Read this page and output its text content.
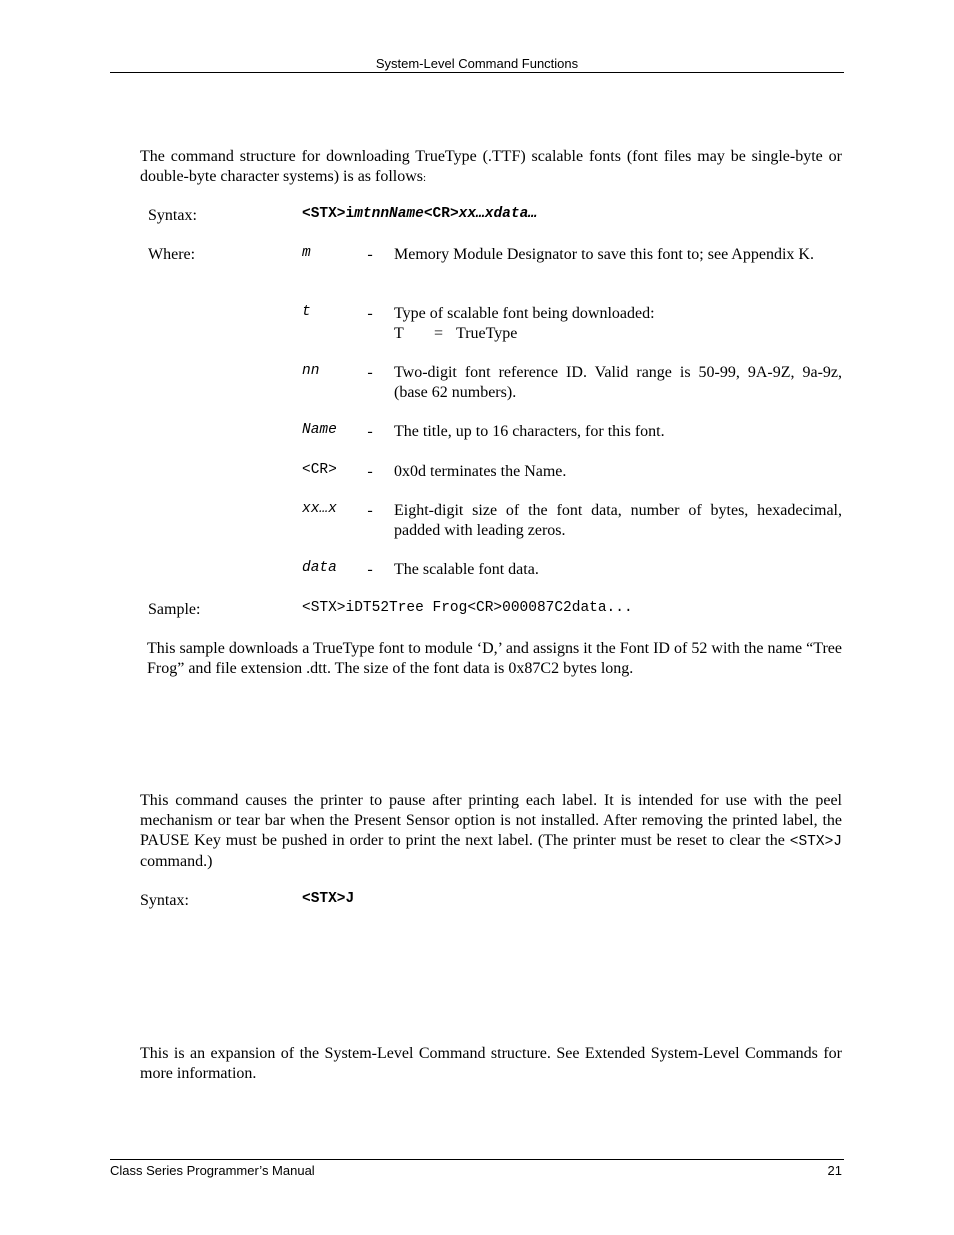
System-Level Command Functions
The command structure for downloading TrueType (.TTF) scalable fonts (font files may be single-byte or double-byte character systems) is as follows:
Syntax:	<STX>imtnnName<CR>xx…xdata…
Where:	m	- Memory Module Designator to save this font to; see Appendix K.
t	- Type of scalable font being downloaded:
T = TrueType
nn	- Two-digit font reference ID. Valid range is 50-99, 9A-9Z, 9a-9z, (base 62 numbers).
Name - The title, up to 16 characters, for this font.
<CR> - 0x0d terminates the Name.
xx…x - Eight-digit size of the font data, number of bytes, hexadecimal, padded with leading zeros.
data - The scalable font data.
Sample:	<STX>iDT52Tree Frog<CR>000087C2data...
This sample downloads a TrueType font to module ‘D,’ and assigns it the Font ID of 52 with the name “Tree Frog” and file extension .dtt. The size of the font data is 0x87C2 bytes long.
This command causes the printer to pause after printing each label. It is intended for use with the peel mechanism or tear bar when the Present Sensor option is not installed. After removing the printed label, the PAUSE Key must be pushed in order to print the next label. (The printer must be reset to clear the <STX>J command.)
Syntax:	<STX>J
This is an expansion of the System-Level Command structure. See Extended System-Level Commands for more information.
Class Series Programmer’s Manual	21
